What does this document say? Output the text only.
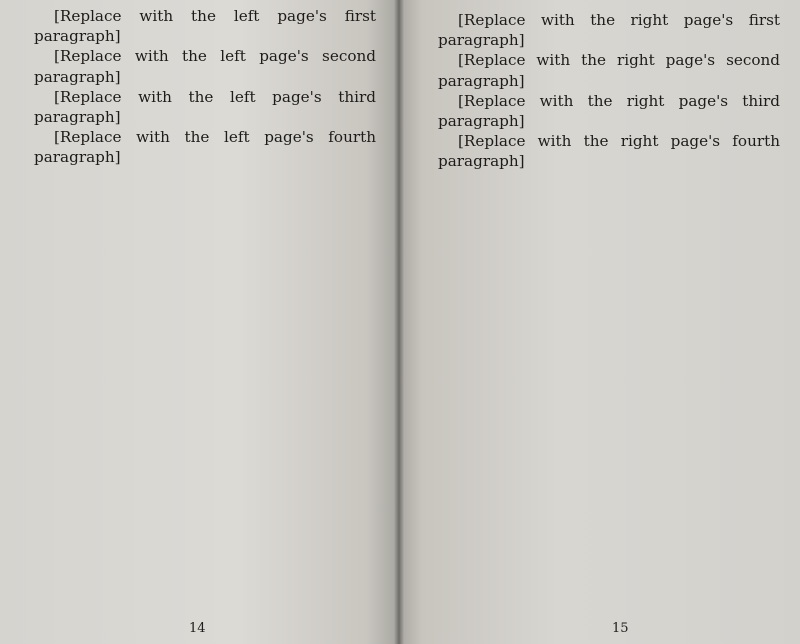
[Replace with the left page's first paragraph]

[Replace with the left page's second paragraph]

[Replace with the left page's third paragraph]

[Replace with the left page's fourth paragraph]

14

[Replace with the right page's first paragraph]

[Replace with the right page's second paragraph]

[Replace with the right page's third paragraph]

[Replace with the right page's fourth paragraph]

15
